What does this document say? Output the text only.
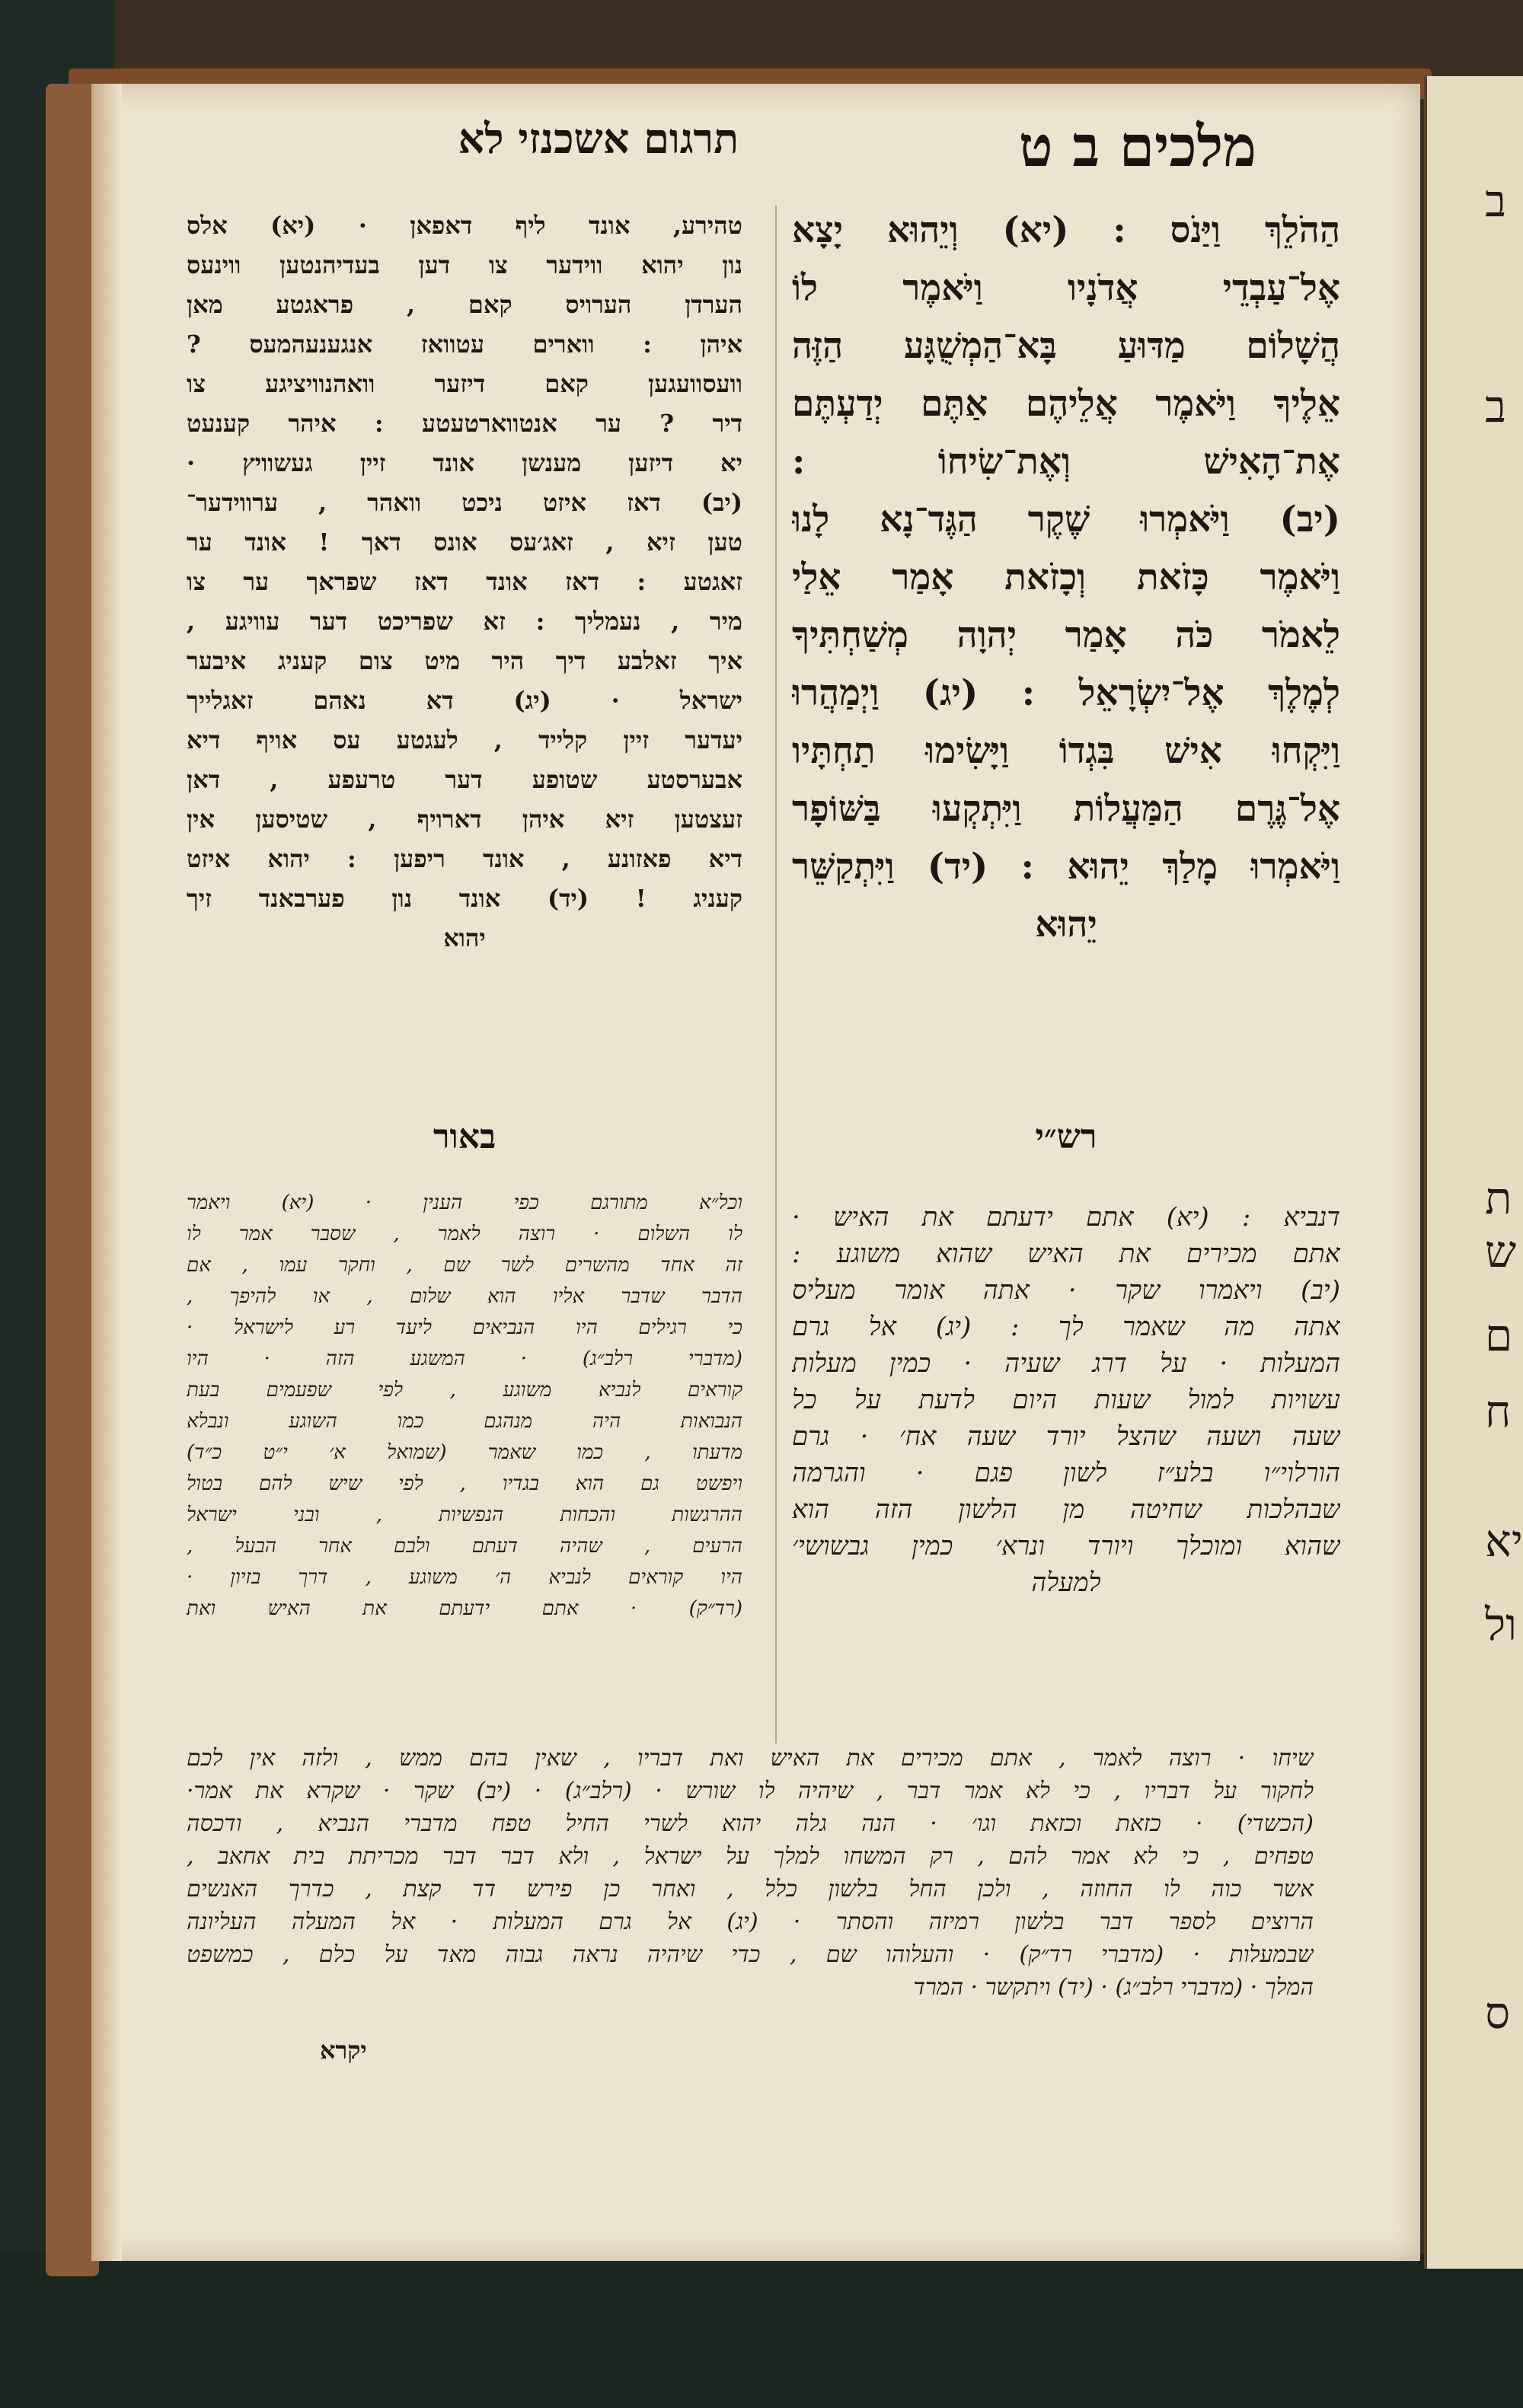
ב
ב
ת
ש
ם
ח
יא
ול
ס
מלכים ב ט
תרגום אשכנזי לא
הַהֹלֵךְ וַיַּנֹס : (יא) וְיֵהוּא יָצָא
אֶל־עַבְדֵי אֲדֹנָיו וַיֹּאמֶר לוֹ
הֲשָׁלוֹם מַדּוּעַ בָּא־הַמְשֻׁגָּע הַזֶּה
אֵלֶיךָ וַיֹּאמֶר אֲלֵיהֶם אַתֶּם יְדַעְתֶּם
אֶת־הָאִישׁ וְאֶת־שִׂיחוֹ :
(יב) וַיֹּאמְרוּ שֶׁקֶר הַגֶּד־נָא לָנוּ
וַיֹּאמֶר כָּזֹאת וְכָזֹאת אָמַר אֵלַי
לֵאמֹר כֹּה אָמַר יְהוָה מְשַׁחְתִּיךָ
לְמֶלֶךְ אֶל־יִשְׂרָאֵל : (יג) וַיְמַהֲרוּ
וַיִּקְחוּ אִישׁ בִּגְדוֹ וַיָּשִׂימוּ תַחְתָּיו
אֶל־גֶּרֶם הַמַּעֲלוֹת וַיִּתְקְעוּ בַּשּׁוֹפָר
וַיֹּאמְרוּ מָלַךְ יֵהוּא : (יד) וַיִּתְקַשֵּׁר
יֵהוּא
טהירע, אונד ליף דאפאן · (יא) אלס
נון יהוא ווידער צו דען בעדיהנטען ווינעס
הערדן הערויס קאם , פראגטע מאן
איהן : ווארים עטוואז אנגענעהמעס ?
וועסוועגען קאם דיזער וואהנוויציגע צו
דיר ? ער אנטווארטעטע : איהר קענעט
יא דיזען מענשן אונד זיין געשוויץ ·
(יב) דאז איזט ניכט וואהר , ערווידער־
טען זיא , זאג׳עס אונס דאך ! אונד ער
זאגטע : דאז אונד דאז שפראך ער צו
מיר , נעמליך : זא שפריכט דער עוויגע ,
איך זאלבע דיך היר מיט צום קעניג איבער
ישראל · (יג) דא נאהם זאגלייך
יעדער זיין קלייד , לעגטע עס אויף דיא
אבערסטע שטופע דער טרעפע , דאן
זעצטען זיא איהן דארויף , שטיסען אין
דיא פאזונע , אונד ריפען : יהוא איזט
קעניג ! (יד) אונד נון פערבאנד זיך
יהוא
רש״י
באור
דנביא : (יא) אתם ידעתם את האיש ·
אתם מכירים את האיש שהוא משוגע :
(יב) ויאמרו שקר · אתה אומר מעליס
אתה מה שאמר לך : (יג) אל גרם
המעלות · על דרג שעיה · כמין מעלות
עשויות למול שעות היום לדעת על כל
שעה ושעה שהצל יורד שעה אח׳ · גרם
הורלוי״ו בלע״ז לשון פגם · והגרמה
שבהלכות שחיטה מן הלשון הזה הוא
שהוא ומוכלך ויורד ונרא׳ כמין גבשושי׳
למעלה
וכל״א מתורגם כפי הענין · (יא) ויאמר
לו השלום · רוצה לאמר , שסבר אמר לו
זה אחד מהשרים לשר שם , וחקר עמו , אם
הדבר שדבר אליו הוא שלום , או להיפך ,
כי רגילים היו הנביאים ליעד רע לישראל ·
(מדברי רלב״ג) · המשגע הזה · היו
קוראים לנביא משוגע , לפי שפעמים בעת
הנבואות היה מנהגם כמו השוגע ונבלא
מדעתו , כמו שאמר (שמואל א׳ י״ט כ״ד)
ויפשט גם הוא בגדיו , לפי שיש להם בטול
ההרגשות והכחות הנפשיות , ובני ישראל
הרעים , שהיה דעתם ולבם אחר הבעל ,
היו קוראים לנביא ה׳ משוגע , דרך בזיון ·
(רד״ק) · אתם ידעתם את האיש ואת
שיחו · רוצה לאמר , אתם מכירים את האיש ואת דבריו , שאין בהם ממש , ולזה אין לכם
לחקור על דבריו , כי לא אמר דבר , שיהיה לו שורש · (רלב״ג) · (יב) שקר · שקרא את אמר·
(הכשדי) · כזאת וכזאת וגו׳ · הנה גלה יהוא לשרי החיל טפח מדברי הנביא , ודכסה
טפחים , כי לא אמר להם , רק המשחו למלך על ישראל , ולא דבר דבר מכריתת בית אחאב ,
אשר כוה לו החוזה , ולכן החל בלשון כלל , ואחר כן פירש דד קצת , כדרך האנשים
הרוצים לספר דבר בלשון רמיזה והסתר · (יג) אל גרם המעלות · אל המעלה העליונה
שבמעלות · (מדברי רד״ק) · והעלוהו שם , כדי שיהיה נראה גבוה מאד על כלם , כמשפט
המלך · (מדברי רלב״ג) · (יד) ויתקשר · המרד
יקרא
